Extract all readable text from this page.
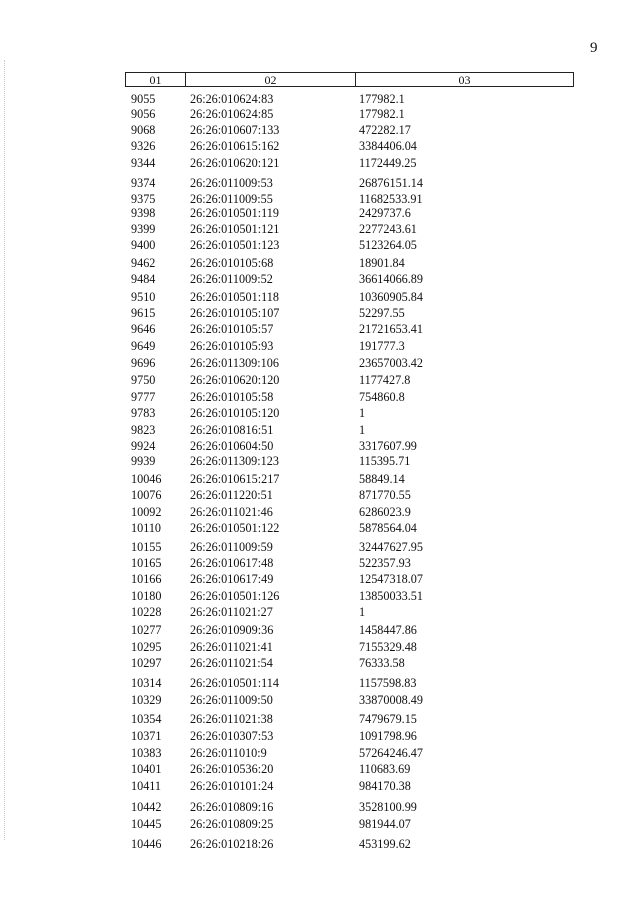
9
01	02	03
9055	26:26:010624:83	177982.1
9056	26:26:010624:85	177982.1
9068	26:26:010607:133	472282.17
9326	26:26:010615:162	3384406.04
9344	26:26:010620:121	1172449.25
9374	26:26:011009:53	26876151.14
9375	26:26:011009:55	11682533.91
9398	26:26:010501:119	2429737.6
9399	26:26:010501:121	2277243.61
9400	26:26:010501:123	5123264.05
9462	26:26:010105:68	18901.84
9484	26:26:011009:52	36614066.89
9510	26:26:010501:118	10360905.84
9615	26:26:010105:107	52297.55
9646	26:26:010105:57	21721653.41
9649	26:26:010105:93	191777.3
9696	26:26:011309:106	23657003.42
9750	26:26:010620:120	1177427.8
9777	26:26:010105:58	754860.8
9783	26:26:010105:120	1
9823	26:26:010816:51	1
9924	26:26:010604:50	3317607.99
9939	26:26:011309:123	115395.71
10046 26:26:010615:217	58849.14
10076 26:26:011220:51	871770.55
10092 26:26:011021:46	6286023.9
10110 26:26:010501:122	5878564.04
10155 26:26:011009:59	32447627.95
10165 26:26:010617:48	522357.93
10166 26:26:010617:49	12547318.07
10180 26:26:010501:126	13850033.51
10228 26:26:011021:27	1
10277 26:26:010909:36	1458447.86
10295 26:26:011021:41	7155329.48
10297 26:26:011021:54	76333.58
10314 26:26:010501:114	1157598.83
10329 26:26:011009:50	33870008.49
10354 26:26:011021:38	7479679.15
10371 26:26:010307:53	1091798.96
10383 26:26:011010:9	57264246.47
10401 26:26:010536:20	110683.69
10411 26:26:010101:24	984170.38
10442 26:26:010809:16	3528100.99
10445 26:26:010809:25	981944.07
10446 26:26:010218:26	453199.62
